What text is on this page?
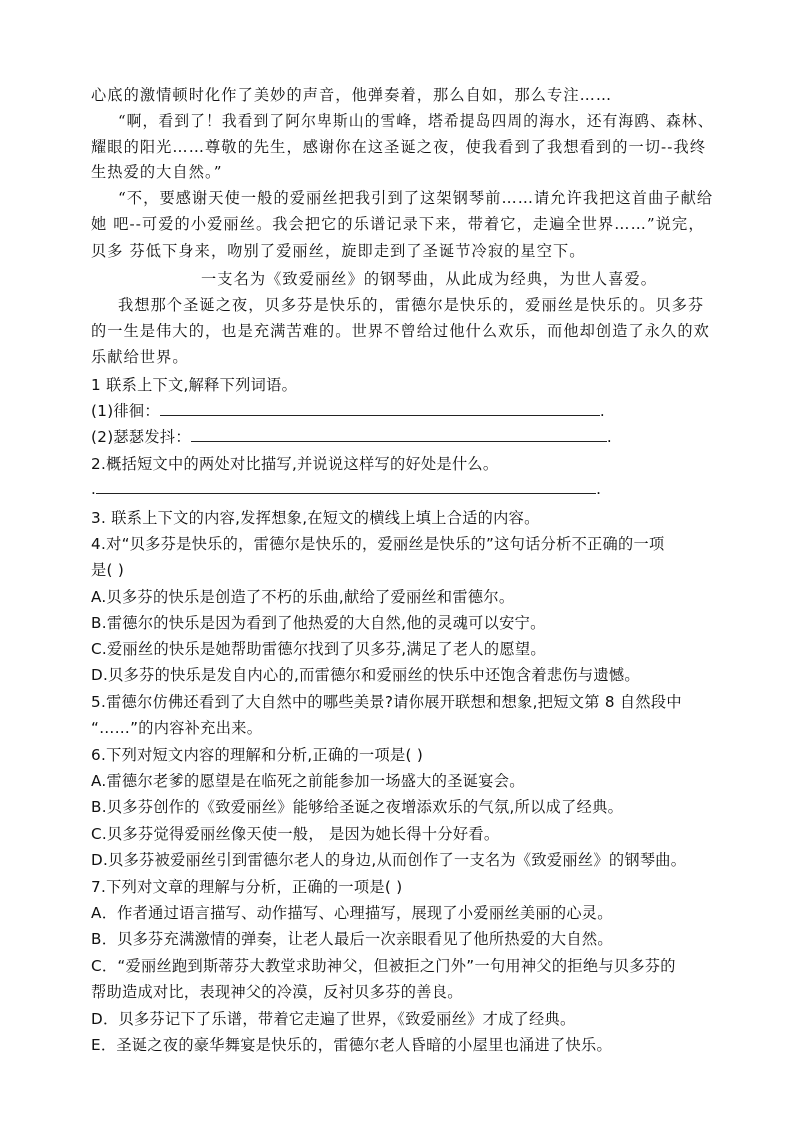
心底的激情顿时化作了美妙的声音，他弹奏着，那么自如，那么专注……
“啊，看到了！我看到了阿尔卑斯山的雪峰，塔希提岛四周的海水，还有海鸥、森林、
耀眼的阳光……尊敬的先生，感谢你在这圣诞之夜，使我看到了我想看到的一切--我终
生热爱的大自然。”
“不，要感谢天使一般的爱丽丝把我引到了这架钢琴前……请允许我把这首曲子献给
她 吧--可爱的小爱丽丝。我会把它的乐谱记录下来，带着它，走遍全世界……”说完，
贝多 芬低下身来，吻别了爱丽丝，旋即走到了圣诞节冷寂的星空下。
一支名为《致爱丽丝》的钢琴曲，从此成为经典，为世人喜爱。
我想那个圣诞之夜，贝多芬是快乐的，雷德尔是快乐的，爱丽丝是快乐的。贝多芬
的一生是伟大的，也是充满苦难的。世界不曾给过他什么欢乐，而他却创造了永久的欢
乐献给世界。
1 联系上下文,解释下列词语。
(1)徘徊：	.
(2)瑟瑟发抖：	.
2.概括短文中的两处对比描写,并说说这样写的好处是什么。
.	.
3. 联系上下文的内容,发挥想象,在短文的横线上填上合适的内容。
4.对“贝多芬是快乐的，雷德尔是快乐的，爱丽丝是快乐的”这句话分析不正确的一项
是( )
A.贝多芬的快乐是创造了不朽的乐曲,献给了爱丽丝和雷德尔。
B.雷德尔的快乐是因为看到了他热爱的大自然,他的灵魂可以安宁。
C.爱丽丝的快乐是她帮助雷德尔找到了贝多芬,满足了老人的愿望。
D.贝多芬的快乐是发自内心的,而雷德尔和爱丽丝的快乐中还饱含着悲伤与遗憾。
5.雷德尔仿佛还看到了大自然中的哪些美景?请你展开联想和想象,把短文第 8 自然段中
“……”的内容补充出来。
6.下列对短文内容的理解和分析,正确的一项是( )
A.雷德尔老爹的愿望是在临死之前能参加一场盛大的圣诞宴会。
B.贝多芬创作的《致爱丽丝》能够给圣诞之夜增添欢乐的气氛,所以成了经典。
C.贝多芬觉得爱丽丝像天使一般， 是因为她长得十分好看。
D.贝多芬被爱丽丝引到雷德尔老人的身边,从而创作了一支名为《致爱丽丝》的钢琴曲。
7.下列对文章的理解与分析，正确的一项是( )
A．作者通过语言描写、动作描写、心理描写，展现了小爱丽丝美丽的心灵。
B．贝多芬充满激情的弹奏，让老人最后一次亲眼看见了他所热爱的大自然。
C．“爱丽丝跑到斯蒂芬大教堂求助神父，但被拒之门外”一句用神父的拒绝与贝多芬的
帮助造成对比，表现神父的冷漠，反衬贝多芬的善良。
D．贝多芬记下了乐谱，带着它走遍了世界，《致爱丽丝》才成了经典。
E．圣诞之夜的豪华舞宴是快乐的，雷德尔老人昏暗的小屋里也涌进了快乐。
